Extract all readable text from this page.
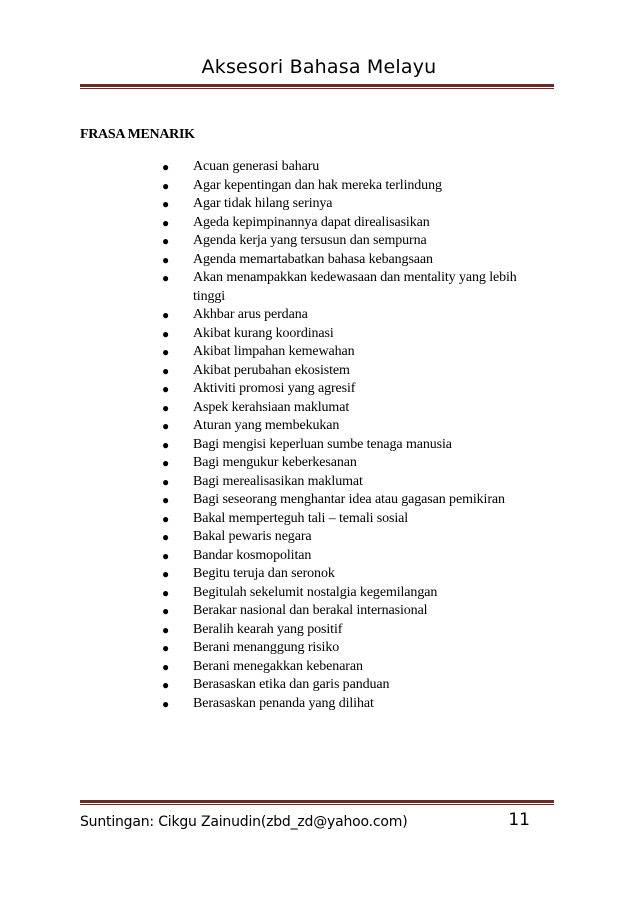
Aksesori Bahasa Melayu
FRASA MENARIK
● Acuan generasi baharu
● Agar kepentingan dan hak mereka terlindung
● Agar tidak hilang serinya
● Ageda kepimpinannya dapat direalisasikan
● Agenda kerja yang tersusun dan sempurna
● Agenda memartabatkan bahasa kebangsaan
● Akan menampakkan kedewasaan dan mentality yang lebih tinggi
● Akhbar arus perdana
● Akibat kurang koordinasi
● Akibat limpahan kemewahan
● Akibat perubahan ekosistem
● Aktiviti promosi yang agresif
● Aspek kerahsiaan maklumat
● Aturan yang membekukan
● Bagi mengisi keperluan sumbe tenaga manusia
● Bagi mengukur keberkesanan
● Bagi merealisasikan maklumat
● Bagi seseorang menghantar idea atau gagasan pemikiran
● Bakal memperteguh tali – temali sosial
● Bakal pewaris negara
● Bandar kosmopolitan
● Begitu teruja dan seronok
● Begitulah sekelumit nostalgia kegemilangan
● Berakar nasional dan berakal internasional
● Beralih kearah yang positif
● Berani menanggung risiko
● Berani menegakkan kebenaran
● Berasaskan etika dan garis panduan
● Berasaskan penanda yang dilihat
Suntingan: Cikgu Zainudin(zbd_zd@yahoo.com)	11
